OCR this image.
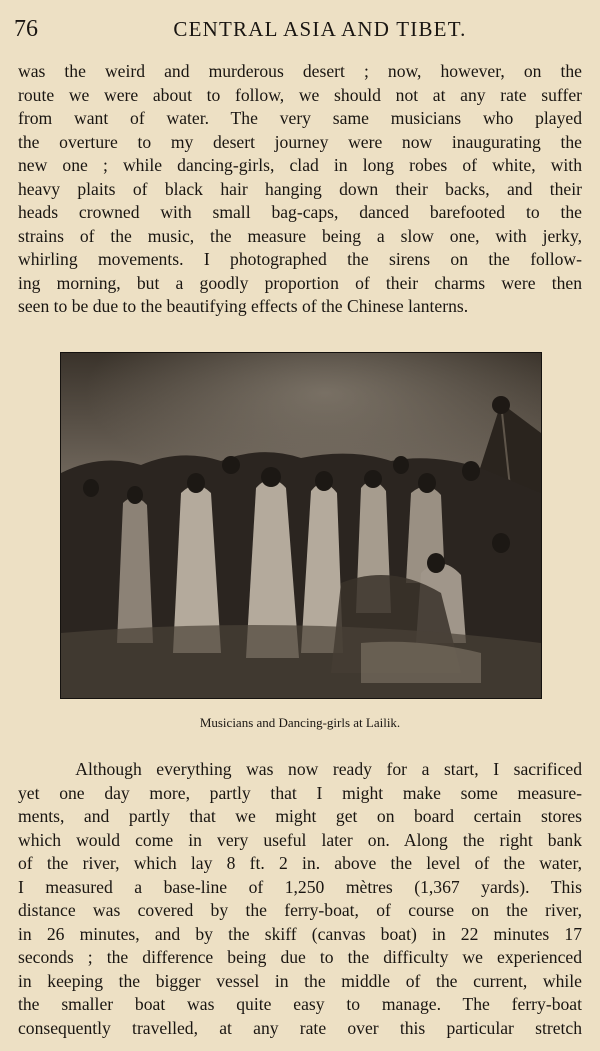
76	CENTRAL ASIA AND TIBET.
was the weird and murderous desert ; now, however, on the
route we were about to follow, we should not at any rate suffer
from want of water. The very same musicians who played
the overture to my desert journey were now inaugurating the
new one ; while dancing-girls, clad in long robes of white, with
heavy plaits of black hair hanging down their backs, and their
heads crowned with small bag-caps, danced barefooted to the
strains of the music, the measure being a slow one, with jerky,
whirling movements. I photographed the sirens on the follow-
ing morning, but a goodly proportion of their charms were then
seen to be due to the beautifying effects of the Chinese lanterns.
Musicians and Dancing-girls at Lailik.
Although everything was now ready for a start, I sacrificed
yet one day more, partly that I might make some measure-
ments, and partly that we might get on board certain stores
which would come in very useful later on. Along the right bank
of the river, which lay 8 ft. 2 in. above the level of the water,
I measured a base-line of 1,250 mètres (1,367 yards). This
distance was covered by the ferry-boat, of course on the river,
in 26 minutes, and by the skiff (canvas boat) in 22 minutes 17
seconds ; the difference being due to the difficulty we experienced
in keeping the bigger vessel in the middle of the current, while
the smaller boat was quite easy to manage. The ferry-boat
consequently travelled, at any rate over this particular stretch
